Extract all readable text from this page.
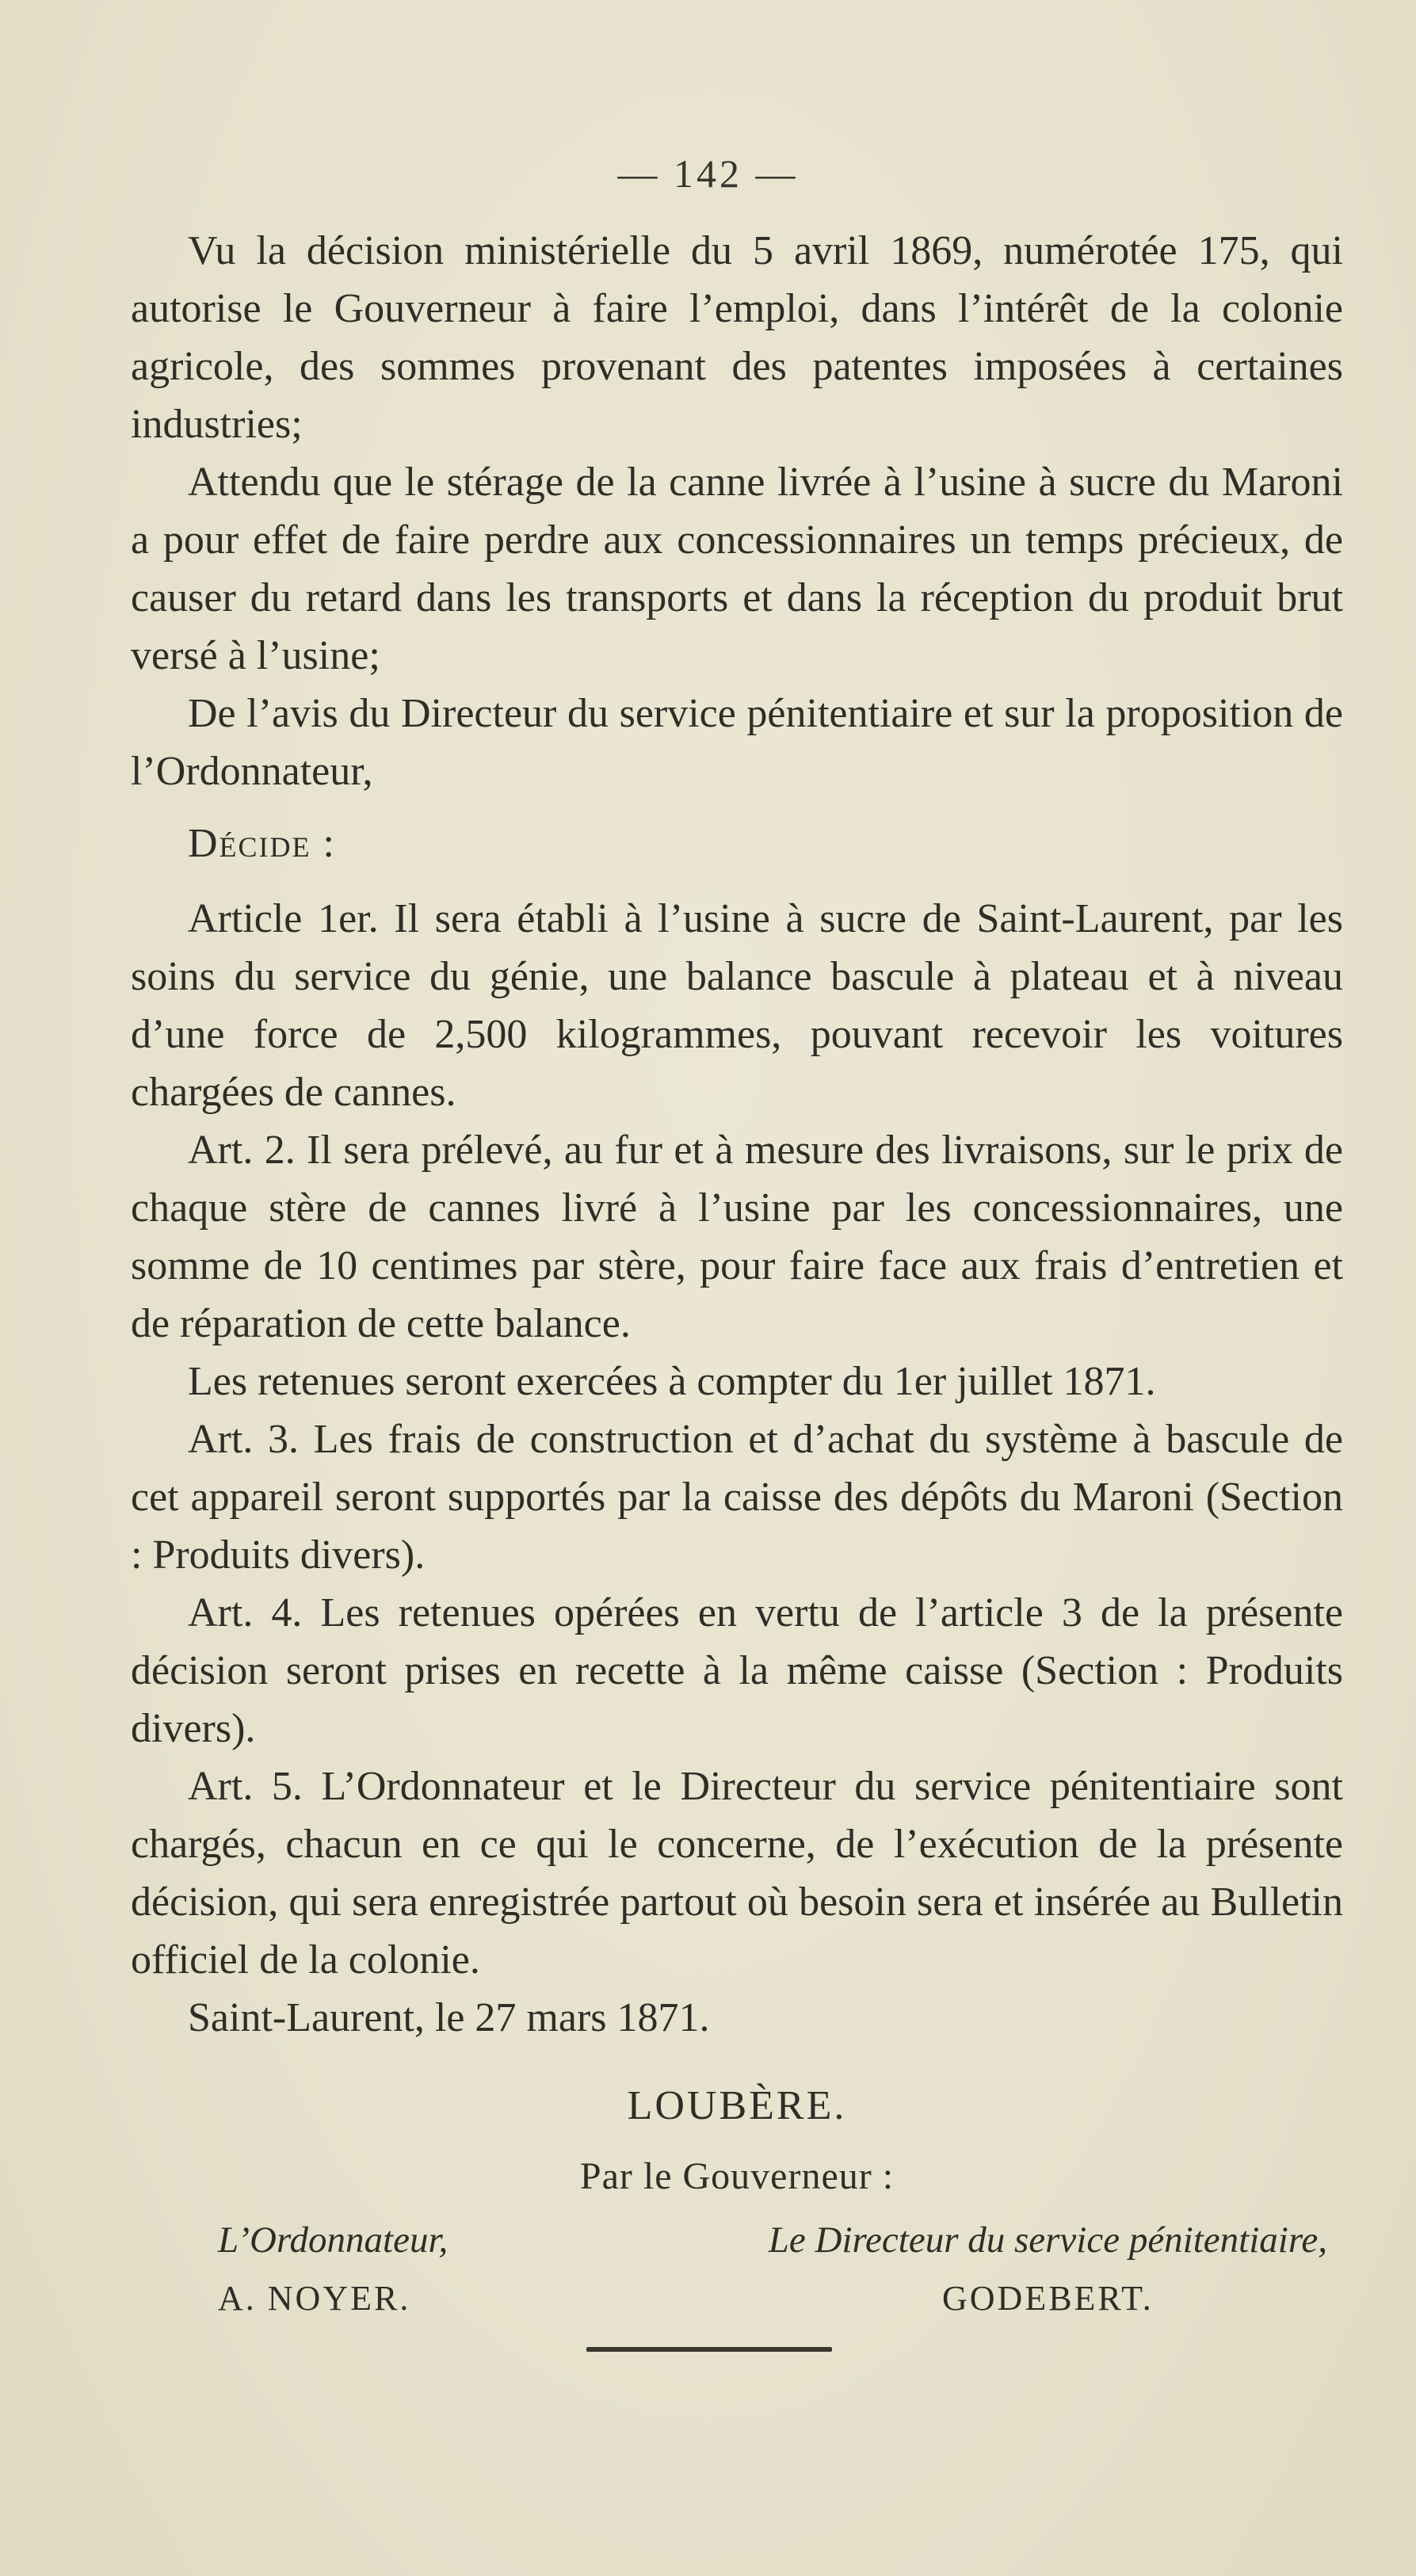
— 142 —

Vu la décision ministérielle du 5 avril 1869, numérotée 175, qui autorise le Gouverneur à faire l’emploi, dans l’intérêt de la colonie agricole, des sommes provenant des patentes imposées à certaines industries;

Attendu que le stérage de la canne livrée à l’usine à sucre du Maroni a pour effet de faire perdre aux concessionnaires un temps précieux, de causer du retard dans les transports et dans la réception du produit brut versé à l’usine;

De l’avis du Directeur du service pénitentiaire et sur la proposition de l’Ordonnateur,

Décide :

Article 1er. Il sera établi à l’usine à sucre de Saint-Laurent, par les soins du service du génie, une balance bascule à plateau et à niveau d’une force de 2,500 kilogrammes, pouvant recevoir les voitures chargées de cannes.

Art. 2. Il sera prélevé, au fur et à mesure des livraisons, sur le prix de chaque stère de cannes livré à l’usine par les concessionnaires, une somme de 10 centimes par stère, pour faire face aux frais d’entretien et de réparation de cette balance.

Les retenues seront exercées à compter du 1er juillet 1871.

Art. 3. Les frais de construction et d’achat du système à bascule de cet appareil seront supportés par la caisse des dépôts du Maroni (Section : Produits divers).

Art. 4. Les retenues opérées en vertu de l’article 3 de la présente décision seront prises en recette à la même caisse (Section : Produits divers).

Art. 5. L’Ordonnateur et le Directeur du service pénitentiaire sont chargés, chacun en ce qui le concerne, de l’exécution de la présente décision, qui sera enregistrée partout où besoin sera et insérée au Bulletin officiel de la colonie.

Saint-Laurent, le 27 mars 1871.

LOUBÈRE.
Par le Gouverneur :
L’Ordonnateur,
A. NOYER.
Le Directeur du service pénitentiaire,
GODEBERT.
